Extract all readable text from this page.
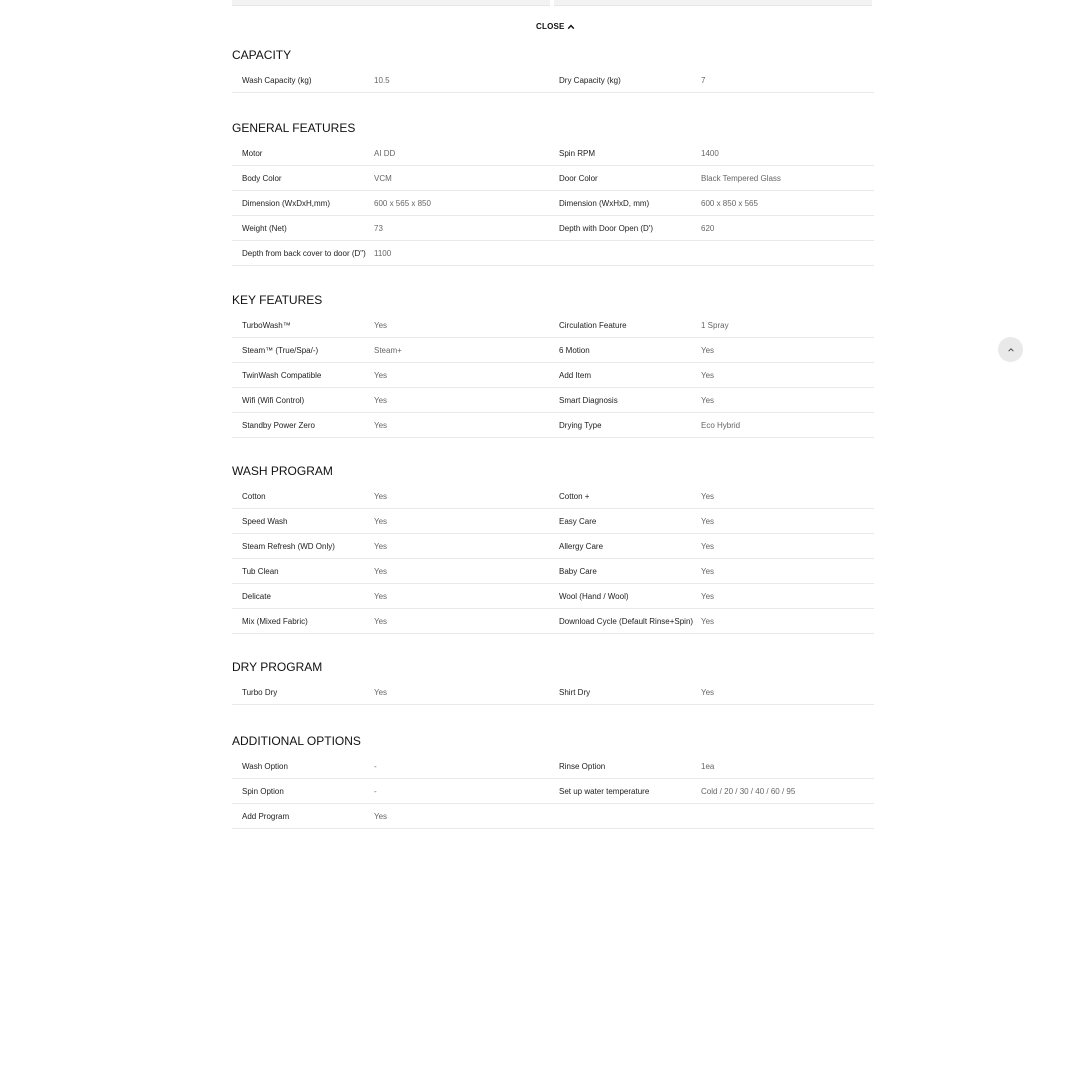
CLOSE
CAPACITY
Wash Capacity (kg)	10.5	Dry Capacity (kg)	7
GENERAL FEATURES
Motor	AI DD	Spin RPM	1400
Body Color	VCM	Door Color	Black Tempered Glass
Dimension (WxDxH,mm)	600 x 565 x 850	Dimension (WxHxD, mm)	600 x 850 x 565
Weight (Net)	73	Depth with Door Open (D')	620
Depth from back cover to door (D")	1100
KEY FEATURES
TurboWash™	Yes	Circulation Feature	1 Spray
Steam™ (True/Spa/-)	Steam+	6 Motion	Yes
TwinWash Compatible	Yes	Add Item	Yes
Wifi (Wifi Control)	Yes	Smart Diagnosis	Yes
Standby Power Zero	Yes	Drying Type	Eco Hybrid
WASH PROGRAM
Cotton	Yes	Cotton +	Yes
Speed Wash	Yes	Easy Care	Yes
Steam Refresh (WD Only)	Yes	Allergy Care	Yes
Tub Clean	Yes	Baby Care	Yes
Delicate	Yes	Wool (Hand / Wool)	Yes
Mix (Mixed Fabric)	Yes	Download Cycle (Default Rinse+Spin) Yes
DRY PROGRAM
Turbo Dry	Yes	Shirt Dry	Yes
ADDITIONAL OPTIONS
Wash Option	-	Rinse Option	1ea
Spin Option	-	Set up water temperature	Cold / 20 / 30 / 40 / 60 / 95
Add Program	Yes
